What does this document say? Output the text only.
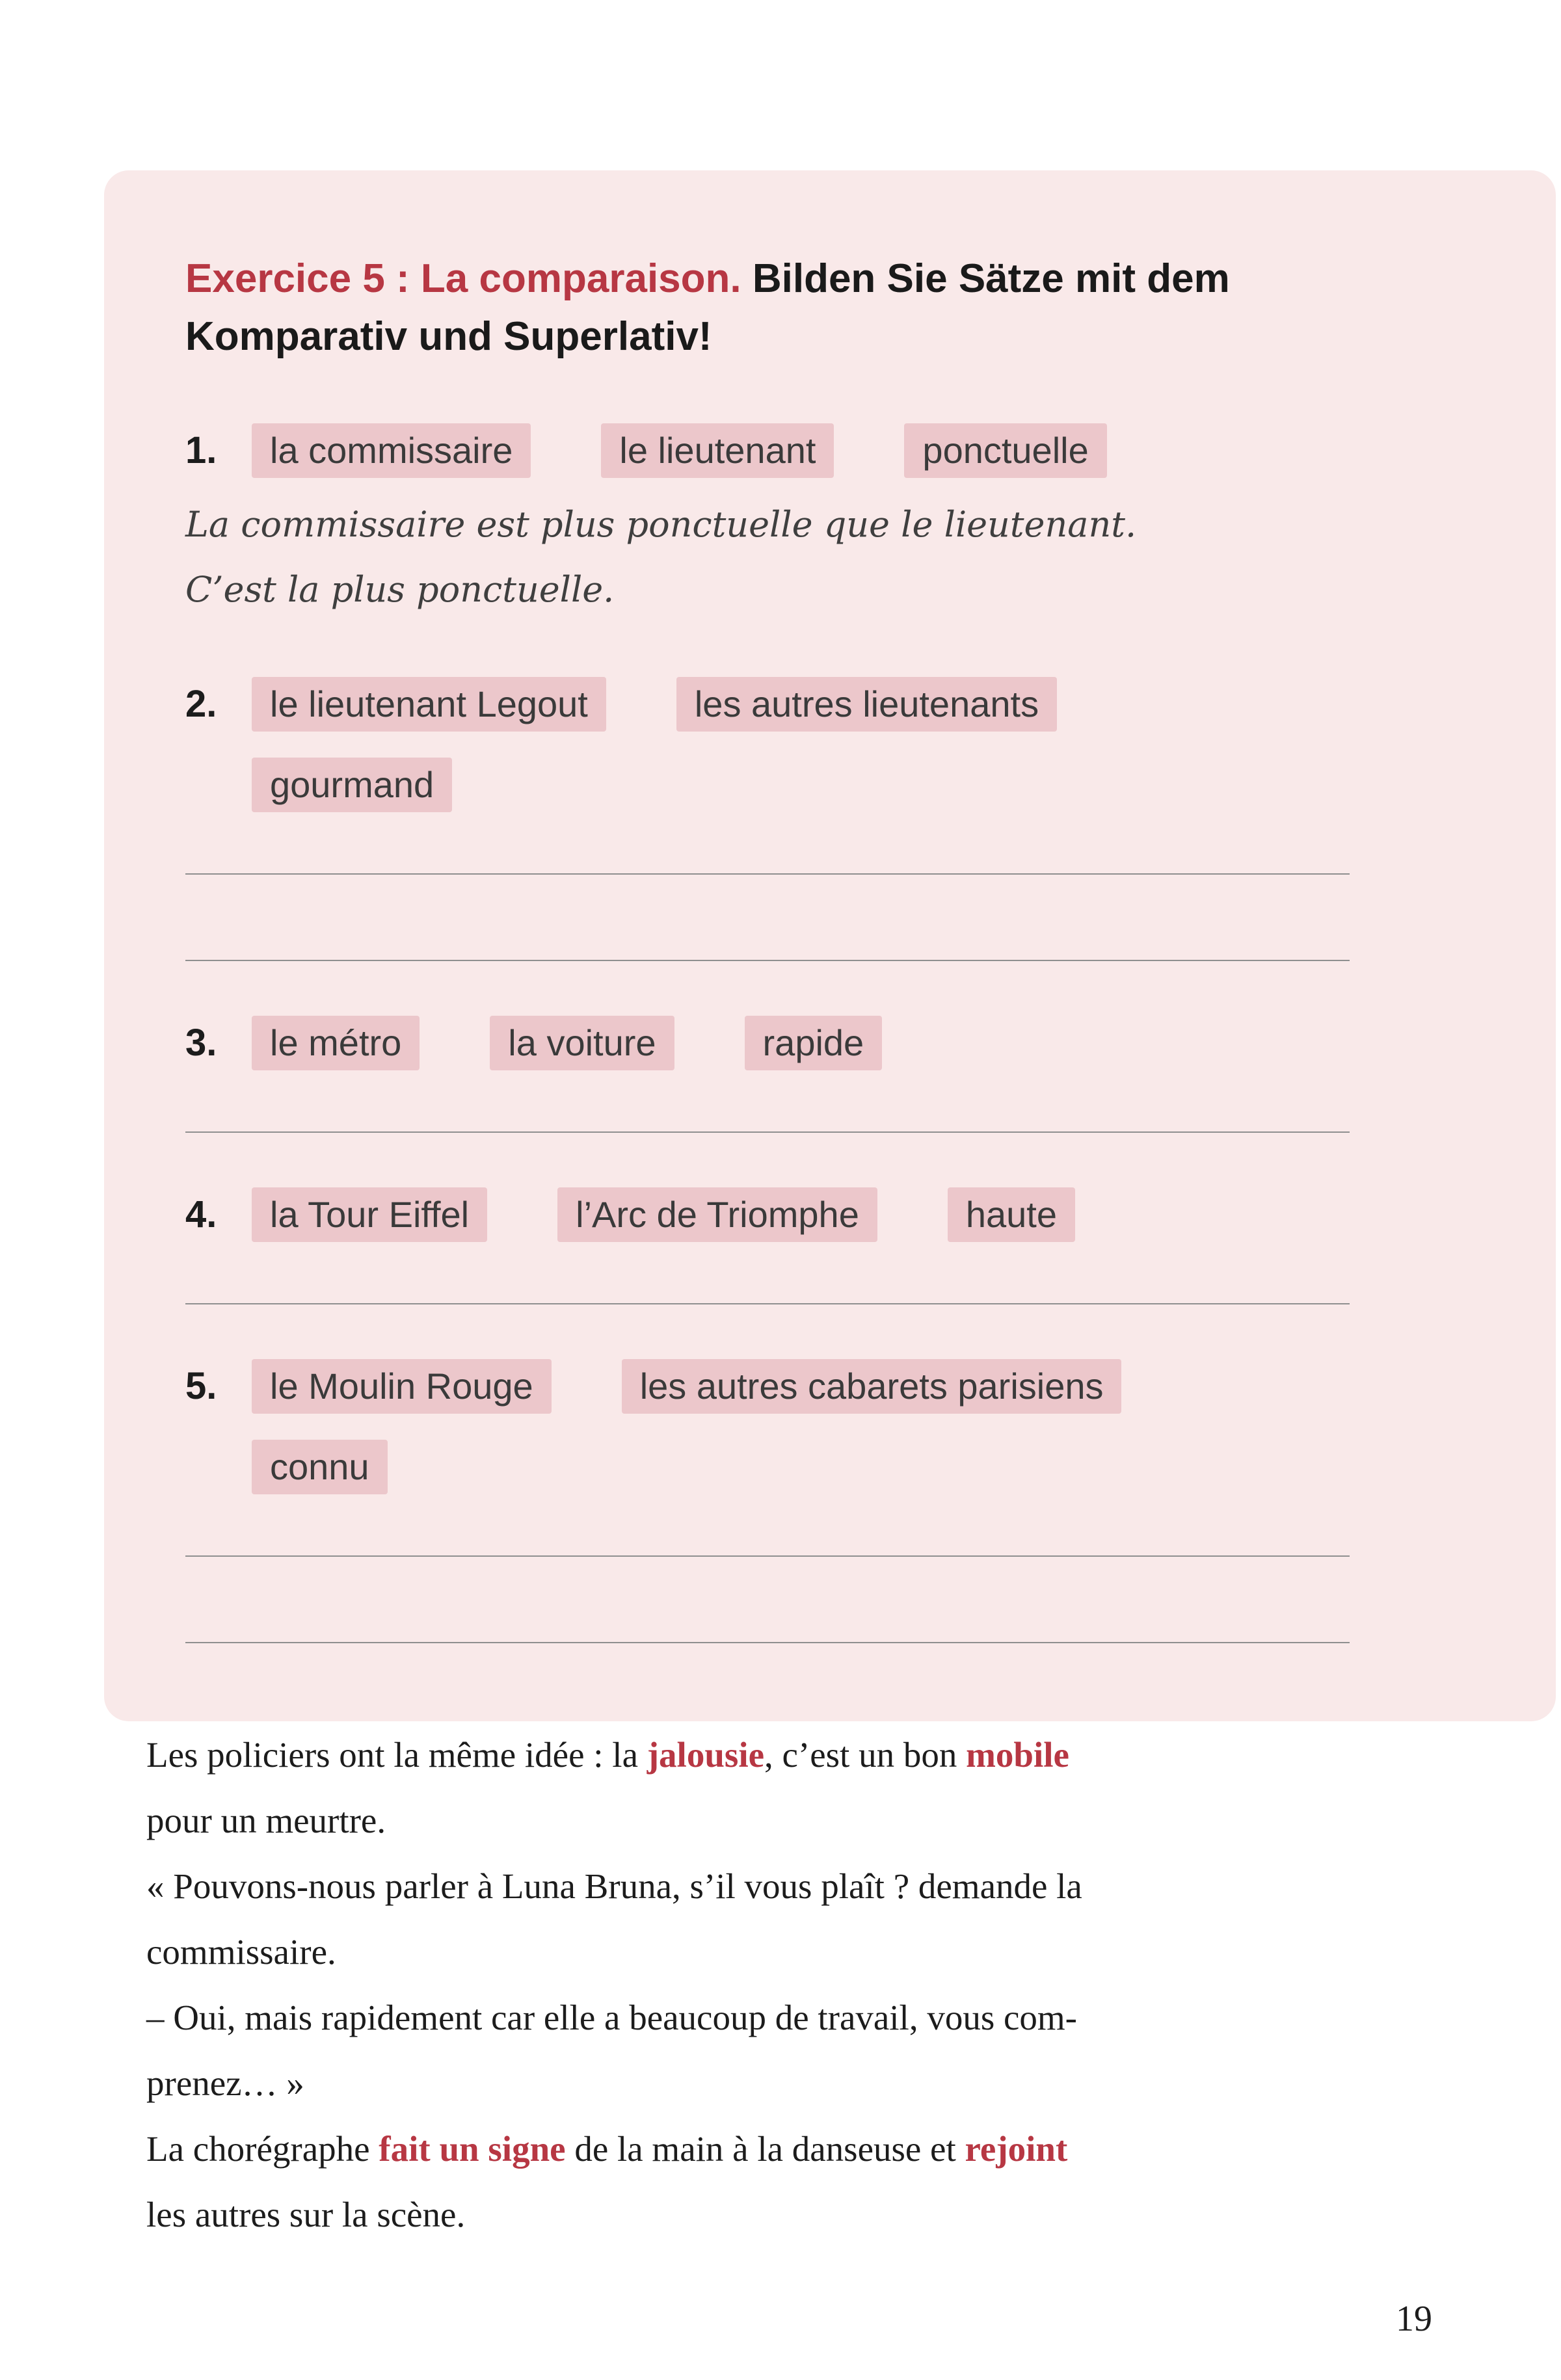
Exercice 5 : La comparaison. Bilden Sie Sätze mit dem Komparativ und Superlativ!
1.	la commissaire	le lieutenant	ponctuelle
La commissaire est plus ponctuelle que le lieutenant.
C’est la plus ponctuelle.
2.	le lieutenant Legout	les autres lieutenants
gourmand
3.	le métro	la voiture	rapide
4.	la Tour Eiffel	l’Arc de Triomphe	haute
5.	le Moulin Rouge	les autres cabarets parisiens
connu

Les policiers ont la même idée : la jalousie, c’est un bon mobile
pour un meurtre.

« Pouvons-nous parler à Luna Bruna, s’il vous plaît ? demande la
commissaire.

– Oui, mais rapidement car elle a beaucoup de travail, vous com-
prenez… »

La chorégraphe fait un signe de la main à la danseuse et rejoint
les autres sur la scène.

19
